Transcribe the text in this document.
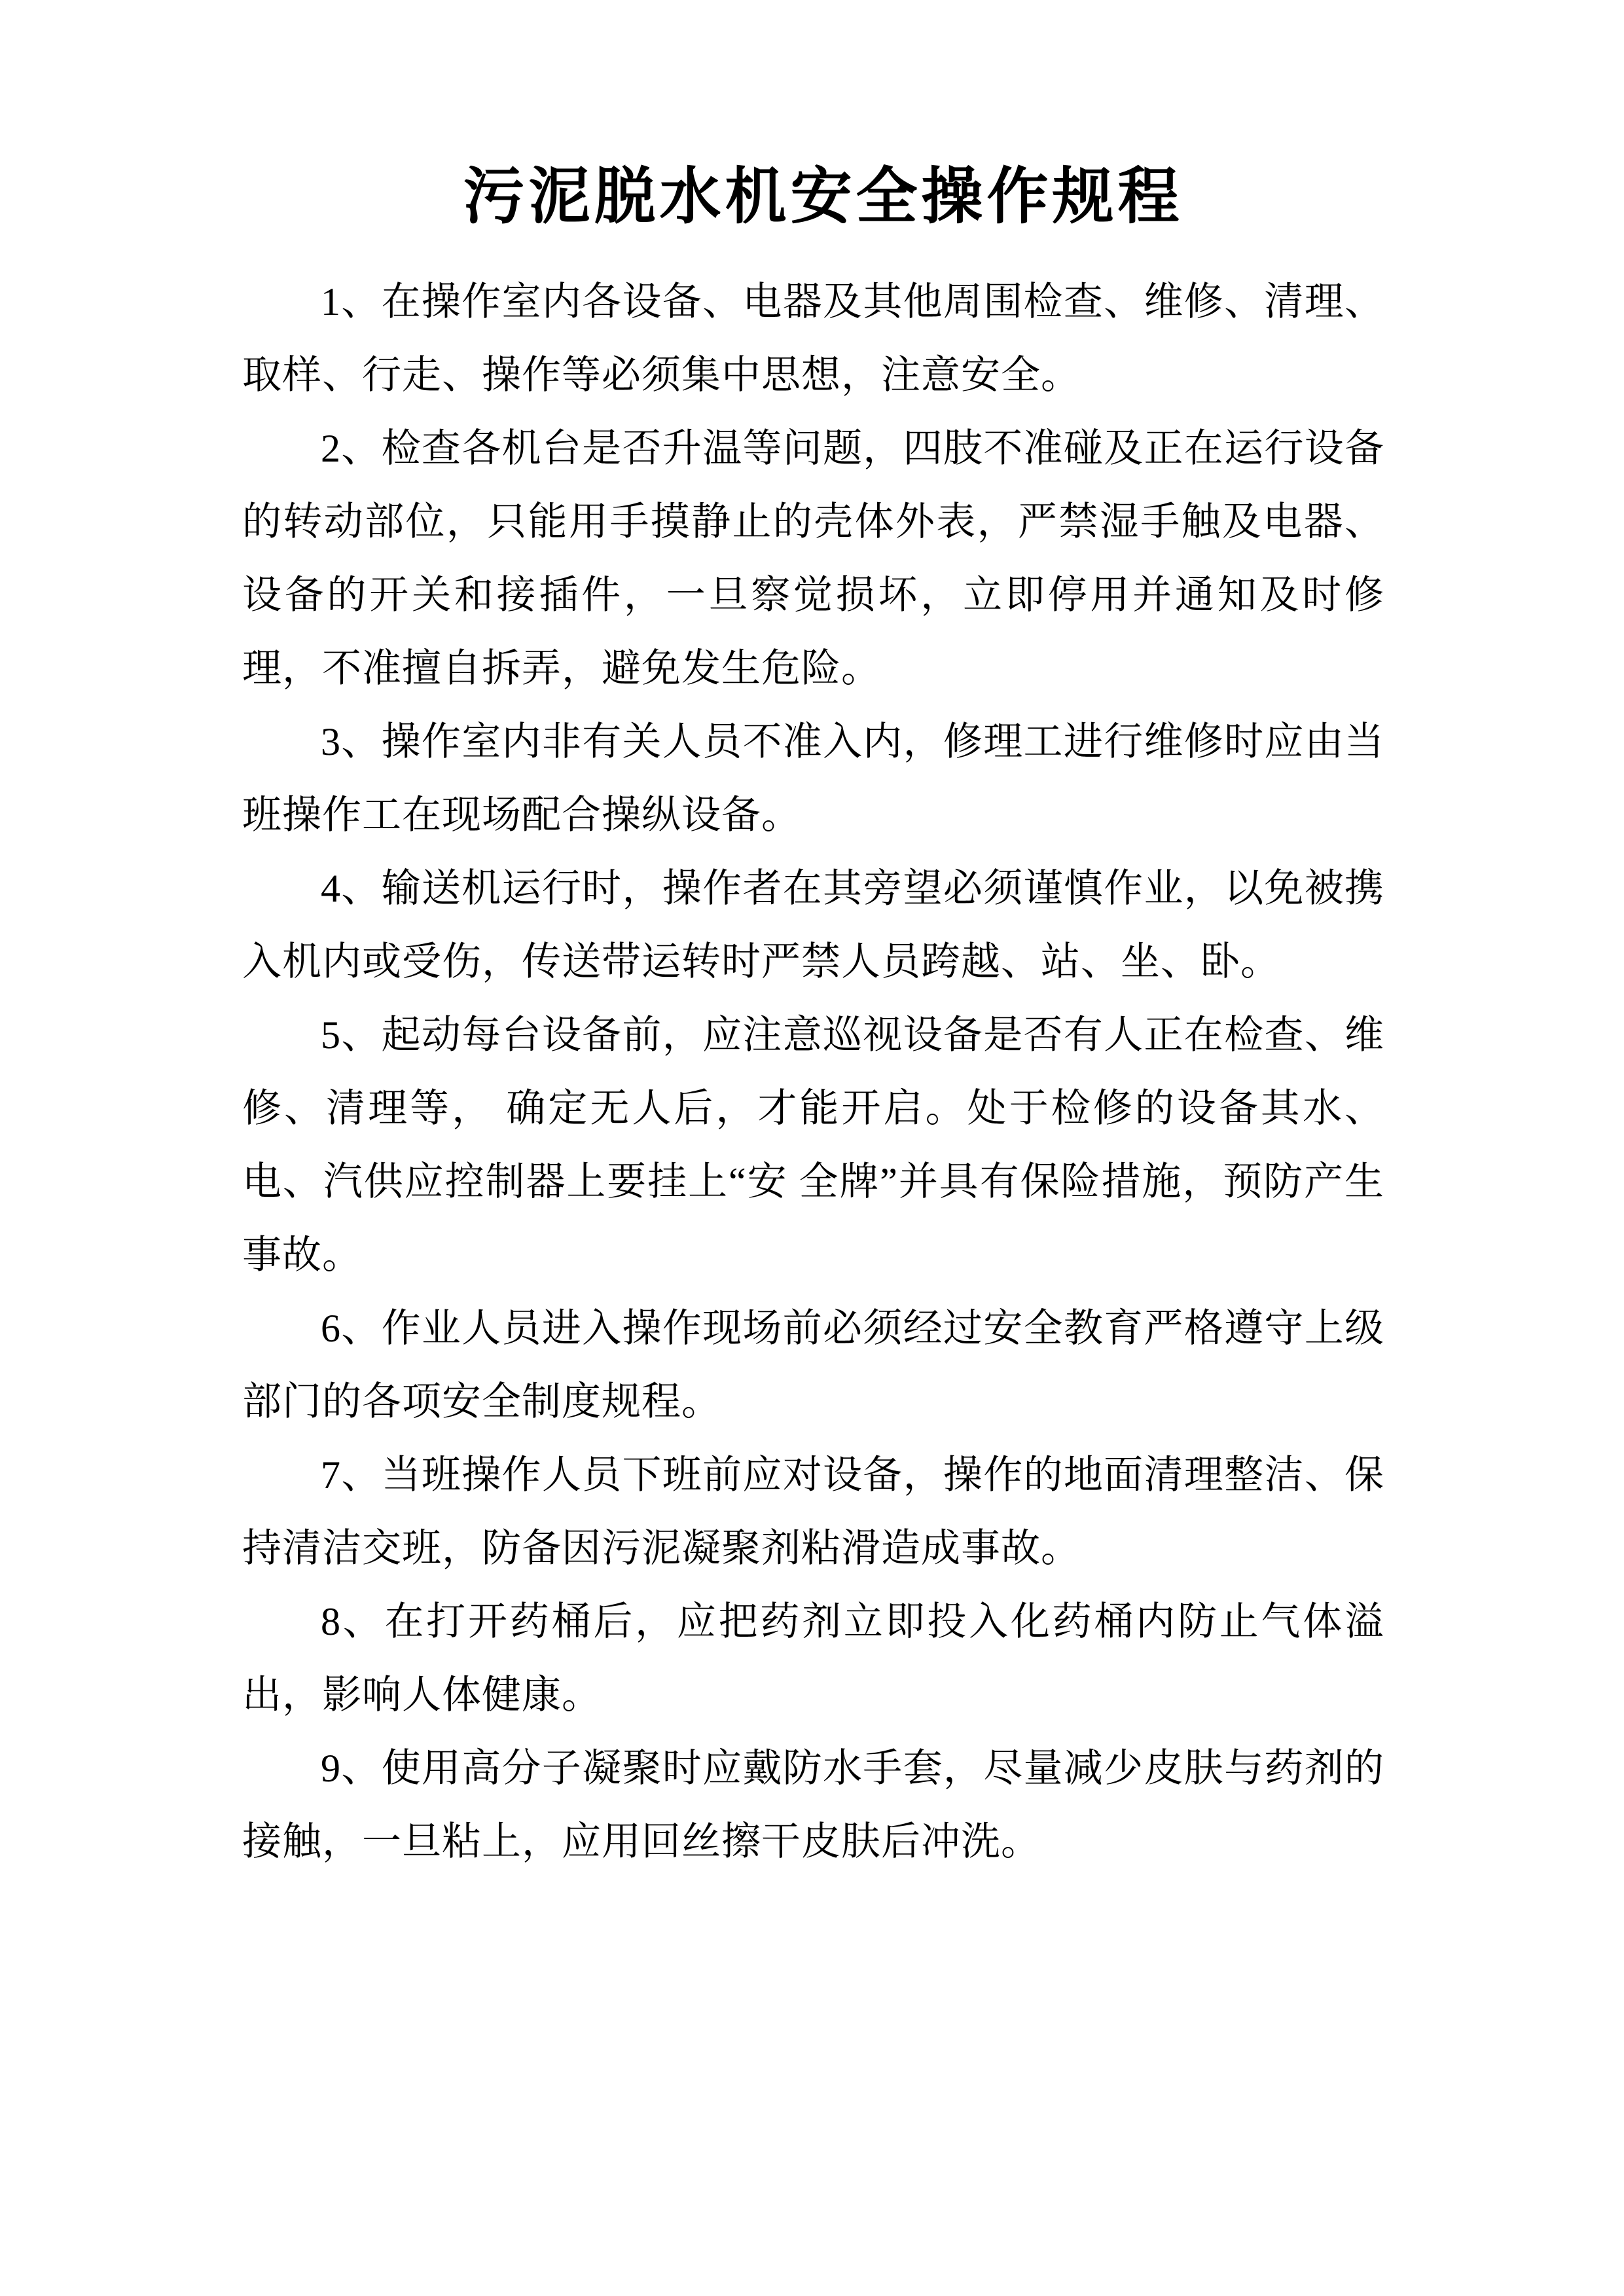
污泥脱水机安全操作规程

1、在操作室内各设备、电器及其他周围检查、维修、清理、取样、行走、操作等必须集中思想，注意安全。

2、检查各机台是否升温等问题，四肢不准碰及正在运行设备的转动部位，只能用手摸静止的壳体外表，严禁湿手触及电器、设备的开关和接插件，一旦察觉损坏，立即停用并通知及时修理，不准擅自拆弄，避免发生危险。

3、操作室内非有关人员不准入内，修理工进行维修时应由当班操作工在现场配合操纵设备。

4、输送机运行时，操作者在其旁望必须谨慎作业，以免被携入机内或受伤，传送带运转时严禁人员跨越、站、坐、卧。

5、起动每台设备前，应注意巡视设备是否有人正在检查、维修、清理等， 确定无人后，才能开启。处于检修的设备其水、电、汽供应控制器上要挂上“安 全牌”并具有保险措施，预防产生事故。

6、作业人员进入操作现场前必须经过安全教育严格遵守上级部门的各项安全制度规程。

7、当班操作人员下班前应对设备，操作的地面清理整洁、保持清洁交班，防备因污泥凝聚剂粘滑造成事故。

8、在打开药桶后，应把药剂立即投入化药桶内防止气体溢出，影响人体健康。

9、使用高分子凝聚时应戴防水手套，尽量减少皮肤与药剂的接触，一旦粘上，应用回丝擦干皮肤后冲洗。
